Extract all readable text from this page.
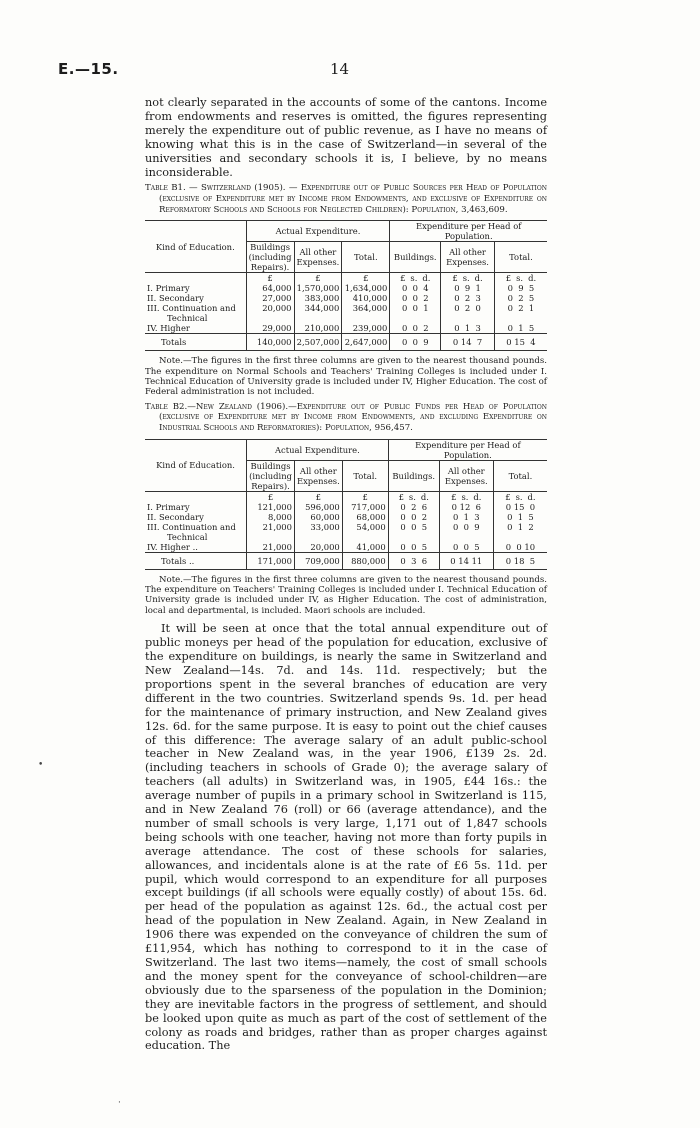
E.—15.	14

not clearly separated in the accounts of some of the cantons. Income from endowments and reserves is omitted, the figures representing merely the expenditure out of public revenue, as I have no means of knowing what this is in the case of Switzerland—in several of the universities and secondary schools it is, I believe, by no means inconsiderable.

Table B1. — Switzerland (1905). — Expenditure out of Public Sources per Head of Population (exclusive of Expenditure met by Income from Endowments, and exclusive of Expenditure on Reformatory Schools and Schools for Neglected Children): Population, 3,463,609.

Kind of Education.	Actual Expenditure.			Expenditure per Head of Population.		
	Buildings (including Repairs).	All other Expenses.	Total.	Buildings.	All other Expenses.	Total.
	£	£	£	£ s. d.	£ s. d.	£ s. d.
I. Primary	64,000	1,570,000	1,634,000	0  0  4	0  9  1	0  9  5
II. Secondary	27,000	383,000	410,000	0  0  2	0  2  3	0  2  5
III. Continuation and	20,000	344,000	364,000	0  0  1	0  2  0	0  2  1
Technical						
IV. Higher	29,000	210,000	239,000	0  0  2	0  1  3	0  1  5
Totals	140,000	2,507,000	2,647,000	0  0  9	0 14  7	0 15  4

Note.—The figures in the first three columns are given to the nearest thousand pounds. The expenditure on Normal Schools and Teachers' Training Colleges is included under I. Technical Education of University grade is included under IV, Higher Education. The cost of Federal administration is not included.

Table B2.—New Zealand (1906).—Expenditure out of Public Funds per Head of Population (exclusive of Expenditure met by Income from Endowments, and excluding Expenditure on Industrial Schools and Reformatories): Population, 956,457.

Kind of Education.	Actual Expenditure.			Expenditure per Head of Population.		
	Buildings (including Repairs).	All other Expenses.	Total.	Buildings.	All other Expenses.	Total.
	£	£	£	£ s. d.	£ s. d.	£ s. d.
I. Primary	121,000	596,000	717,000	0  2  6	0 12  6	0 15  0
II. Secondary	8,000	60,000	68,000	0  0  2	0  1  3	0  1  5
III. Continuation and	21,000	33,000	54,000	0  0  5	0  0  9	0  1  2
Technical						
IV. Higher ..	21,000	20,000	41,000	0  0  5	0  0  5	0  0 10
Totals ..	171,000	709,000	880,000	0  3  6	0 14 11	0 18  5

Note.—The figures in the first three columns are given to the nearest thousand pounds. The expenditure on Teachers' Training Colleges is included under I. Technical Education of University grade is included under IV, as Higher Education. The cost of administration, local and departmental, is included. Maori schools are included.

It will be seen at once that the total annual expenditure out of public moneys per head of the population for education, exclusive of the expenditure on buildings, is nearly the same in Switzerland and New Zealand—14s. 7d. and 14s. 11d. respectively; but the proportions spent in the several branches of education are very different in the two countries. Switzerland spends 9s. 1d. per head for the maintenance of primary instruction, and New Zealand gives 12s. 6d. for the same purpose. It is easy to point out the chief causes of this difference: The average salary of an adult public-school teacher in New Zealand was, in the year 1906, £139 2s. 2d. (including teachers in schools of Grade 0); the average salary of teachers (all adults) in Switzerland was, in 1905, £44 16s.: the average number of pupils in a primary school in Switzerland is 115, and in New Zealand 76 (roll) or 66 (average attendance), and the number of small schools is very large, 1,171 out of 1,847 schools being schools with one teacher, having not more than forty pupils in average attendance. The cost of these schools for salaries, allowances, and incidentals alone is at the rate of £6 5s. 11d. per pupil, which would correspond to an expenditure for all purposes except buildings (if all schools were equally costly) of about 15s. 6d. per head of the population as against 12s. 6d., the actual cost per head of the population in New Zealand. Again, in New Zealand in 1906 there was expended on the conveyance of children the sum of £11,954, which has nothing to correspond to it in the case of Switzerland. The last two items—namely, the cost of small schools and the money spent for the conveyance of school-children—are obviously due to the sparseness of the population in the Dominion; they are inevitable factors in the progress of settlement, and should be looked upon quite as much as part of the cost of settlement of the colony as roads and bridges, rather than as proper charges against education. The

•
·
